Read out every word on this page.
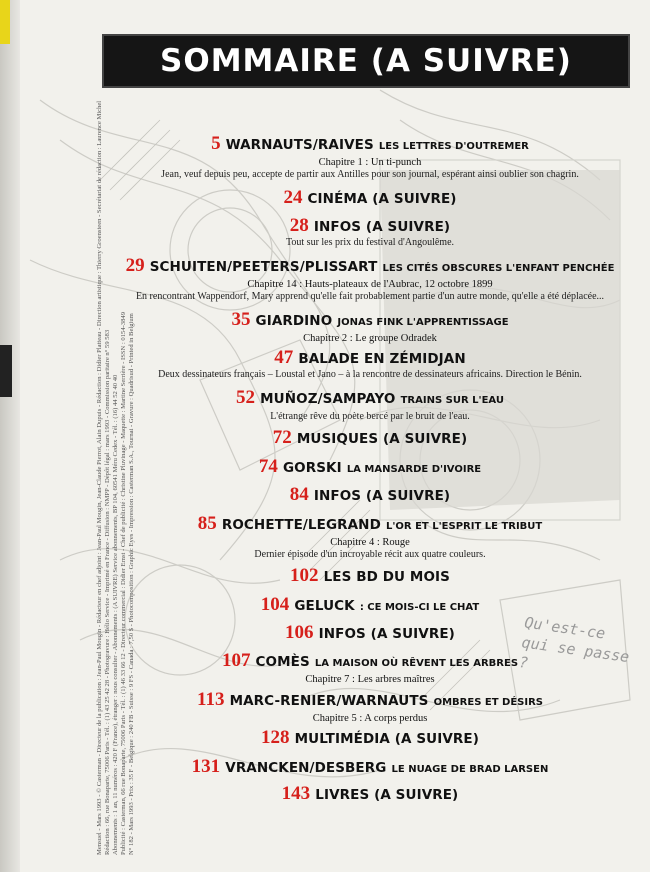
Mensuel - Mars 1993 - © Casterman - Directeur de la publication : Jean-Paul Mougin - Rédacteur en chef adjoint : Jean-Paul Mougin, Jean-Claude Pierrot, Alain Dupuis - Rédaction : Didier Platteau - Direction artistique : Thierry Groensteen - Secrétariat de rédaction : Laurence Michel Rédaction : 66, rue Bonaparte, 75006 Paris - Tél. : (1) 43 25 42 28 - Photogravure : Hélio Service - Imprimé en France - Diffusion : NMPP - Dépôt légal : mars 1993 - Commission paritaire n° 59 583 Abonnements : 1 an, 11 numéros : 420 F (France), étranger : nous consulter - Abonnements : (A SUIVRE) Service abonnements, BP 104, 60541 Méru Cedex - Tél. : (16) 44 52 40 40 Publicité : Casterman, 66 rue Bonaparte, 75006 Paris - Tél. : (1) 46 33 66 12 - Directeur commercial : Didier Ernst - Chef de publicité : Christine Pluvinage - Maquette : Martine Serrière - ISSN : 0154-3849 N° 182 - Mars 1993 - Prix : 35 F - Belgique : 240 FB - Suisse : 9 FS - Canada : 7,50 $ - Photocomposition : Graphic Eyes - Impression : Casterman S.A., Tournai - Gravure : Quadrisud - Printed in Belgium
SOMMAIRE (A SUIVRE)
5 WARNAUTS/RAIVES LES LETTRES D'OUTREMER
Chapitre 1 : Un ti-punch
Jean, veuf depuis peu, accepte de partir aux Antilles pour son journal, espérant ainsi oublier son chagrin.
24 CINÉMA (A SUIVRE)
28 INFOS (A SUIVRE)
Tout sur les prix du festival d'Angoulême.
29 SCHUITEN/PEETERS/PLISSART LES CITÉS OBSCURES L'ENFANT PENCHÉE
Chapitre 14 : Hauts-plateaux de l'Aubrac, 12 octobre 1899
En rencontrant Wappendorf, Mary apprend qu'elle fait probablement partie d'un autre monde, qu'elle a été déplacée...
35 GIARDINO JONAS FINK L'APPRENTISSAGE
Chapitre 2 : Le groupe Odradek
47 BALADE EN ZÉMIDJAN
Deux dessinateurs français – Loustal et Jano – à la rencontre de dessinateurs africains. Direction le Bénin.
52 MUÑOZ/SAMPAYO TRAINS SUR L'EAU
L'étrange rêve du poète bercé par le bruit de l'eau.
72 MUSIQUES (A SUIVRE)
74 GORSKI LA MANSARDE D'IVOIRE
84 INFOS (A SUIVRE)
85 ROCHETTE/LEGRAND L'OR ET L'ESPRIT LE TRIBUT
Chapitre 4 : Rouge
Dernier épisode d'un incroyable récit aux quatre couleurs.
102 LES BD DU MOIS
104 GELUCK : CE MOIS-CI LE CHAT
106 INFOS (A SUIVRE)
107 COMÈS LA MAISON OÙ RÊVENT LES ARBRES
Chapitre 7 : Les arbres maîtres
113 MARC-RENIER/WARNAUTS OMBRES ET DÉSIRS
Chapitre 5 : A corps perdus
128 MULTIMÉDIA (A SUIVRE)
131 VRANCKEN/DESBERG LE NUAGE DE BRAD LARSEN
143 LIVRES (A SUIVRE)
Qu'est-ce qui se passe ?
